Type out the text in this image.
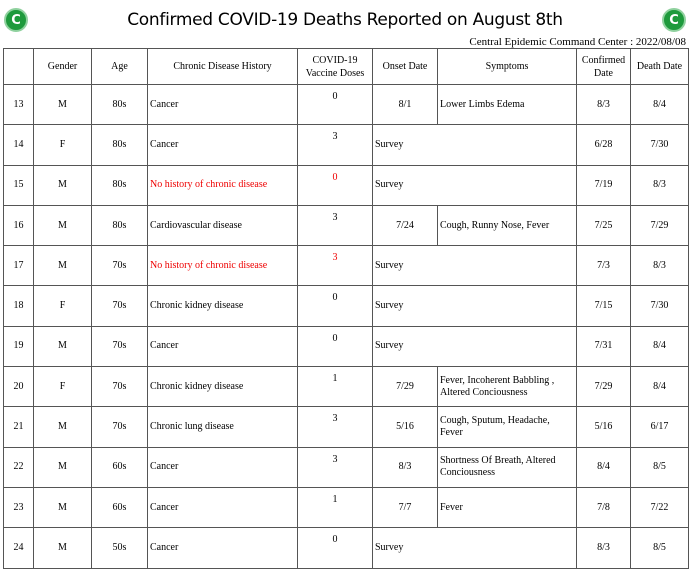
C	C
Confirmed COVID-19 Deaths Reported on August 8th
Central Epidemic Command Center : 2022/08/08
	Gender	Age	Chronic Disease History	COVID-19 Vaccine Doses	Onset Date	Symptoms	Confirmed Date	Death Date
13	M	80s	Cancer	0	8/1	Lower Limbs Edema	8/3	8/4
14	F	80s	Cancer	3	Survey		6/28	7/30
15	M	80s	No history of chronic disease	0	Survey		7/19	8/3
16	M	80s	Cardiovascular disease	3	7/24	Cough, Runny Nose, Fever	7/25	7/29
17	M	70s	No history of chronic disease	3	Survey		7/3	8/3
18	F	70s	Chronic kidney disease	0	Survey		7/15	7/30
19	M	70s	Cancer	0	Survey		7/31	8/4
20	F	70s	Chronic kidney disease	1	7/29	Fever, Incoherent Babbling , Altered Conciousness	7/29	8/4
21	M	70s	Chronic lung disease	3	5/16	Cough, Sputum, Headache, Fever	5/16	6/17
22	M	60s	Cancer	3	8/3	Shortness Of Breath, Altered Conciousness	8/4	8/5
23	M	60s	Cancer	1	7/7	Fever	7/8	7/22
24	M	50s	Cancer	0	Survey		8/3	8/5
